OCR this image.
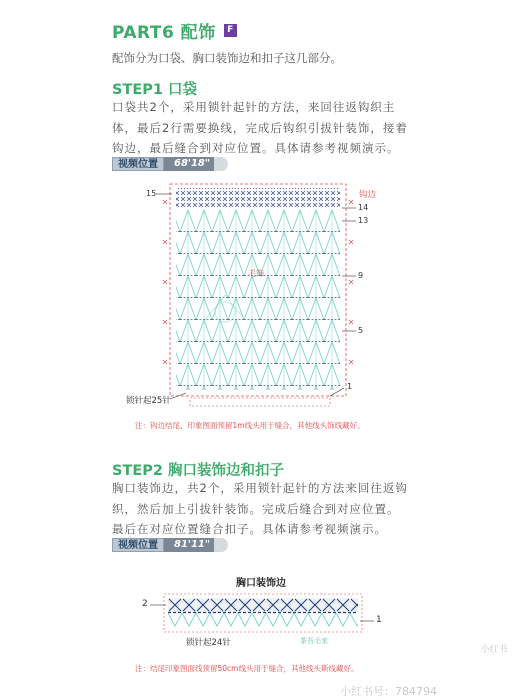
PART6 配饰	F
配饰分为口袋、胸口装饰边和扣子这几部分。
STEP1 口袋
口袋共2个，采用锁针起针的方法，来回往返钩织主
体，最后2行需要换线，完成后钩织引拔针装饰，接着
钩边，最后缝合到对应位置。具体请参考视频演示。
视频位置	68'18"
15	钩边
14
13
9
5
1
锁针起25针
毛饰
注：钩边结尾，印象图面预留1m线头用于缝合，其他线头饰线藏好。
STEP2 胸口装饰边和扣子
胸口装饰边，共2个，采用锁针起针的方法来回往返钩
织，然后加上引拔针装饰。完成后缝合到对应位置。
最后在对应位置缝合扣子。具体请参考视频演示。
视频位置	81'11"
胸口装饰边
2
1
锁针起24针	茶吾毛家
注：结尾印象图面线预留50cm线头用于缝合，其他线头斯线藏好。
小红书号：784794
小红书
